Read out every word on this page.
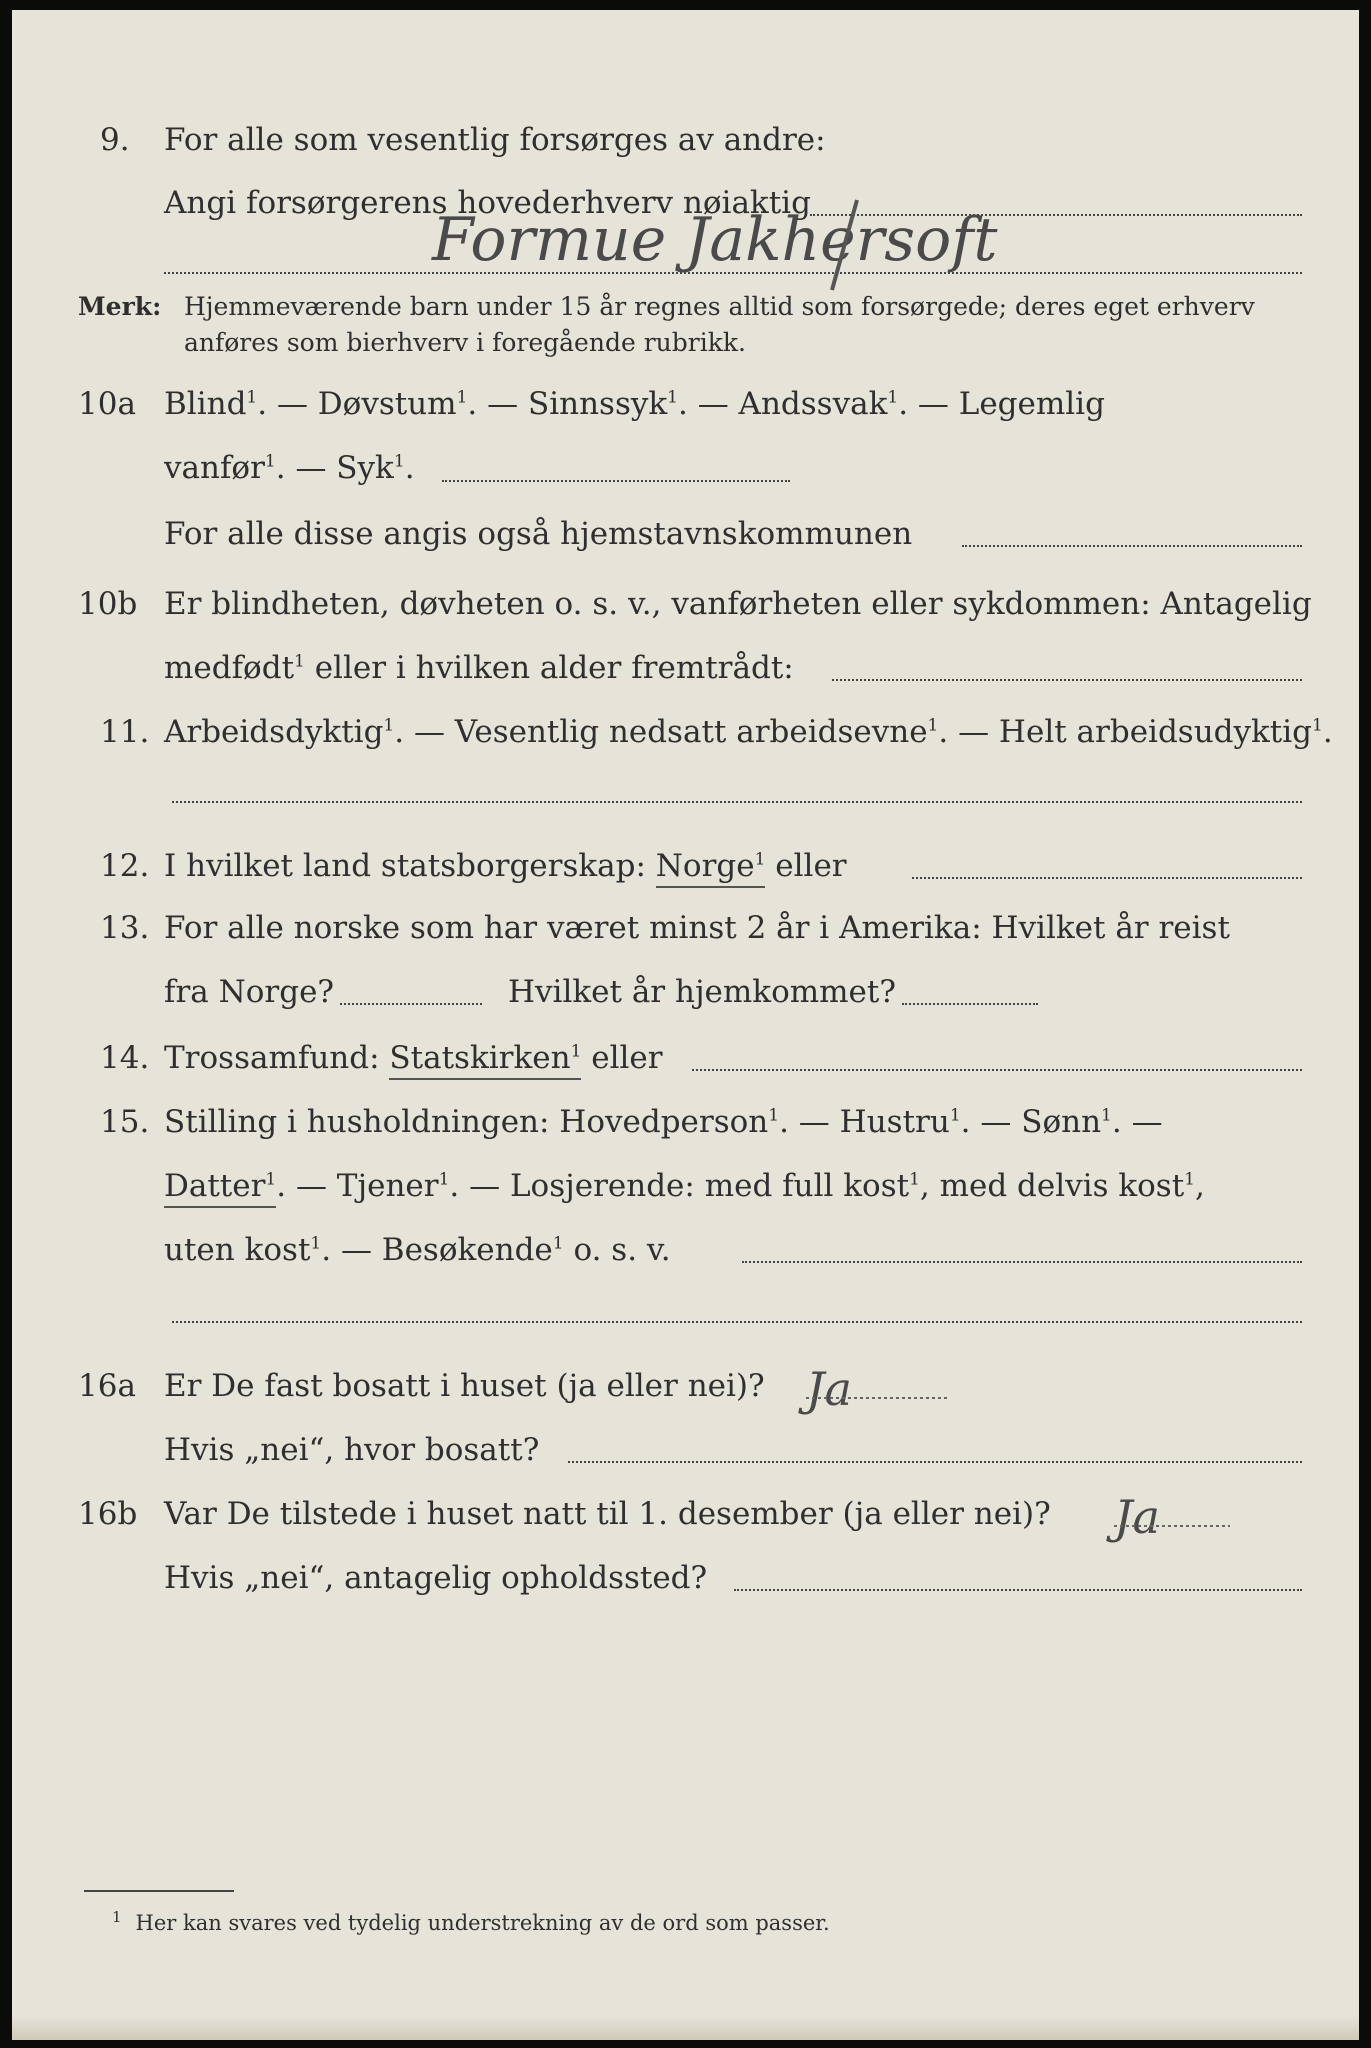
9. For alle som vesentlig forsørges av andre:
Angi forsørgerens hovederhverv nøiaktig
Formue Jakhersoft
Merk: Hjemmeværende barn under 15 år regnes alltid som forsørgede; deres eget erhverv
anføres som bierhverv i foregående rubrikk.
10a Blind$^1$. — Døvstum$^1$. — Sinnssyk$^1$. — Andssvak$^1$. — Legemlig
vanfør$^1$. — Syk$^1$.
For alle disse angis også hjemstavnskommunen
10b Er blindheten, døvheten o. s. v., vanførheten eller sykdommen: Antagelig
medfødt$^1$ eller i hvilken alder fremtrådt:
11. Arbeidsdyktig$^1$. — Vesentlig nedsatt arbeidsevne$^1$. — Helt arbeidsudyktig$^1$.
12. I hvilket land statsborgerskap: Norge$^1$ eller
13. For alle norske som har været minst 2 år i Amerika: Hvilket år reist
fra Norge?	Hvilket år hjemkommet?
14. Trossamfund: Statskirken$^1$ eller
15. Stilling i husholdningen: Hovedperson$^1$. — Hustru$^1$. — Sønn$^1$. —
Datter$^1$. — Tjener$^1$. — Losjerende: med full kost$^1$, med delvis kost$^1$,
uten kost$^1$. — Besøkende$^1$ o. s. v.
16a Er De fast bosatt i huset (ja eller nei)? Ja
Hvis „nei“, hvor bosatt?
16b Var De tilstede i huset natt til 1. desember (ja eller nei)? Ja
Hvis „nei“, antagelig opholdssted?
$^1$ Her kan svares ved tydelig understrekning av de ord som passer.
